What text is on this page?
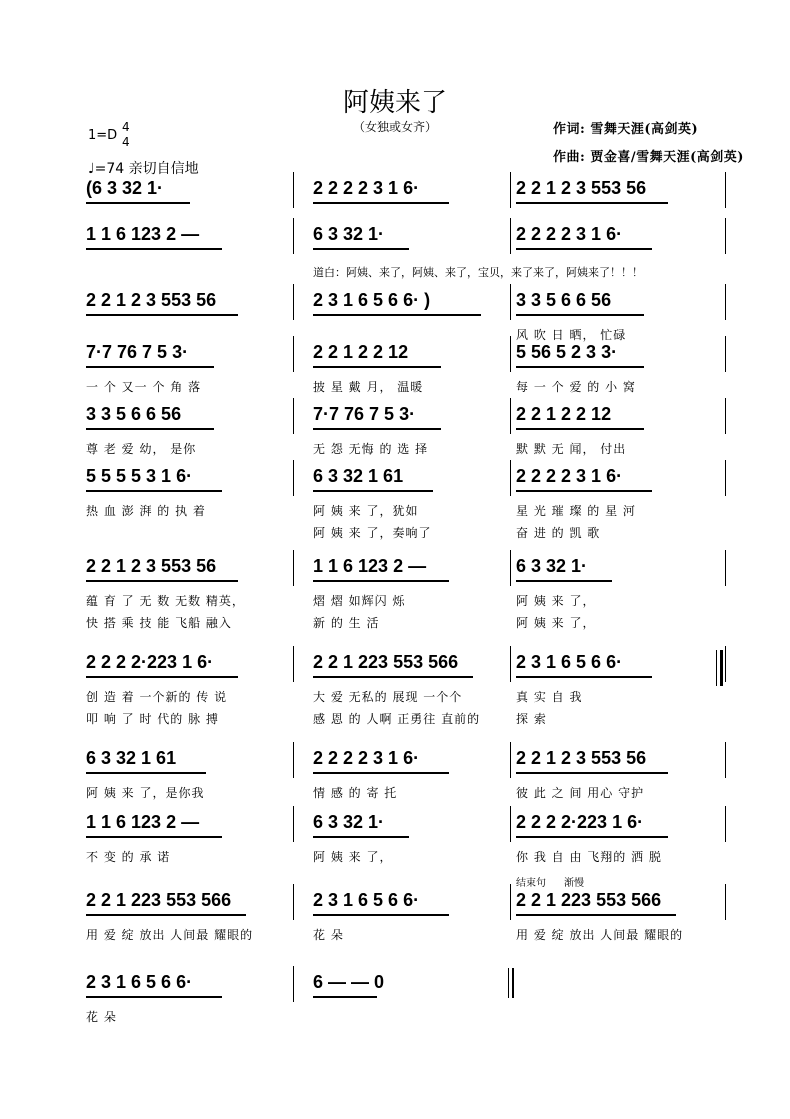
阿姨来了
（女独或女齐）	作词: 雪舞天涯(高剑英)
作曲: 贾金喜/雪舞天涯(高剑英)
1=D
4
4
♩=74 亲切自信地
道白：阿姨、来了，阿姨、来了，宝贝，来了来了，阿姨来了！！！
(6 3 32 1·	2 2 2 2 3 1 6·	2 2 1 2 3 553 56
1 1 6 123 2 —	6 3 32 1·	2 2 2 2 3 1 6·
2 2 1 2 3 553 56	2 3 1 6 5 6 6· )	3 3 5 6 6 56
风 吹 日 晒， 忙碌
7·7 76 7 5 3·	2 2 1 2 2 12	5 56 5 2 3 3·
一 个 又一 个 角 落	披 星 戴 月， 温暖	每 一 个 爱 的 小 窝
3 3 5 6 6 56	7·7 76 7 5 3·	2 2 1 2 2 12
尊 老 爱 幼， 是你	无 怨 无悔 的 选 择	默 默 无 闻， 付出
5 5 5 5 3 1 6·	6 3 32 1 61	2 2 2 2 3 1 6·
热 血 澎 湃 的 执 着	阿 姨 来 了，犹如	星 光 璀 璨 的 星 河
阿 姨 来 了，奏响了	奋 进 的 凯 歌
2 2 1 2 3 553 56	1 1 6 123 2 —	6 3 32 1·
蕴 育 了 无 数 无数 精英，	熠 熠 如辉闪 烁	阿 姨 来 了，
快 搭 乘 技 能 飞船 融入	新 的 生 活	阿 姨 来 了，
2 2 2 2·223 1 6·	2 2 1 223 553 566	2 3 1 6 5 6 6·
创 造 着 一个新的 传 说	大 爱 无私的 展现 一个个	真 实 自 我
叩 响 了 时 代的 脉 搏	感 恩 的 人啊 正勇往 直前的	探 索
6 3 32 1 61	2 2 2 2 3 1 6·	2 2 1 2 3 553 56
阿 姨 来 了，是你我	情 感 的 寄 托	彼 此 之 间 用心 守护
1 1 6 123 2 —	6 3 32 1·	2 2 2 2·223 1 6·
不 变 的 承 诺	阿 姨 来 了，	你 我 自 由 飞翔的 洒 脱
2 2 1 223 553 566	2 3 1 6 5 6 6·	2 2 1 223 553 566
用 爱 绽 放出 人间最 耀眼的	花 朵	用 爱 绽 放出 人间最 耀眼的
结束句 渐慢
2 3 1 6 5 6 6·	6 — — 0
花 朵
